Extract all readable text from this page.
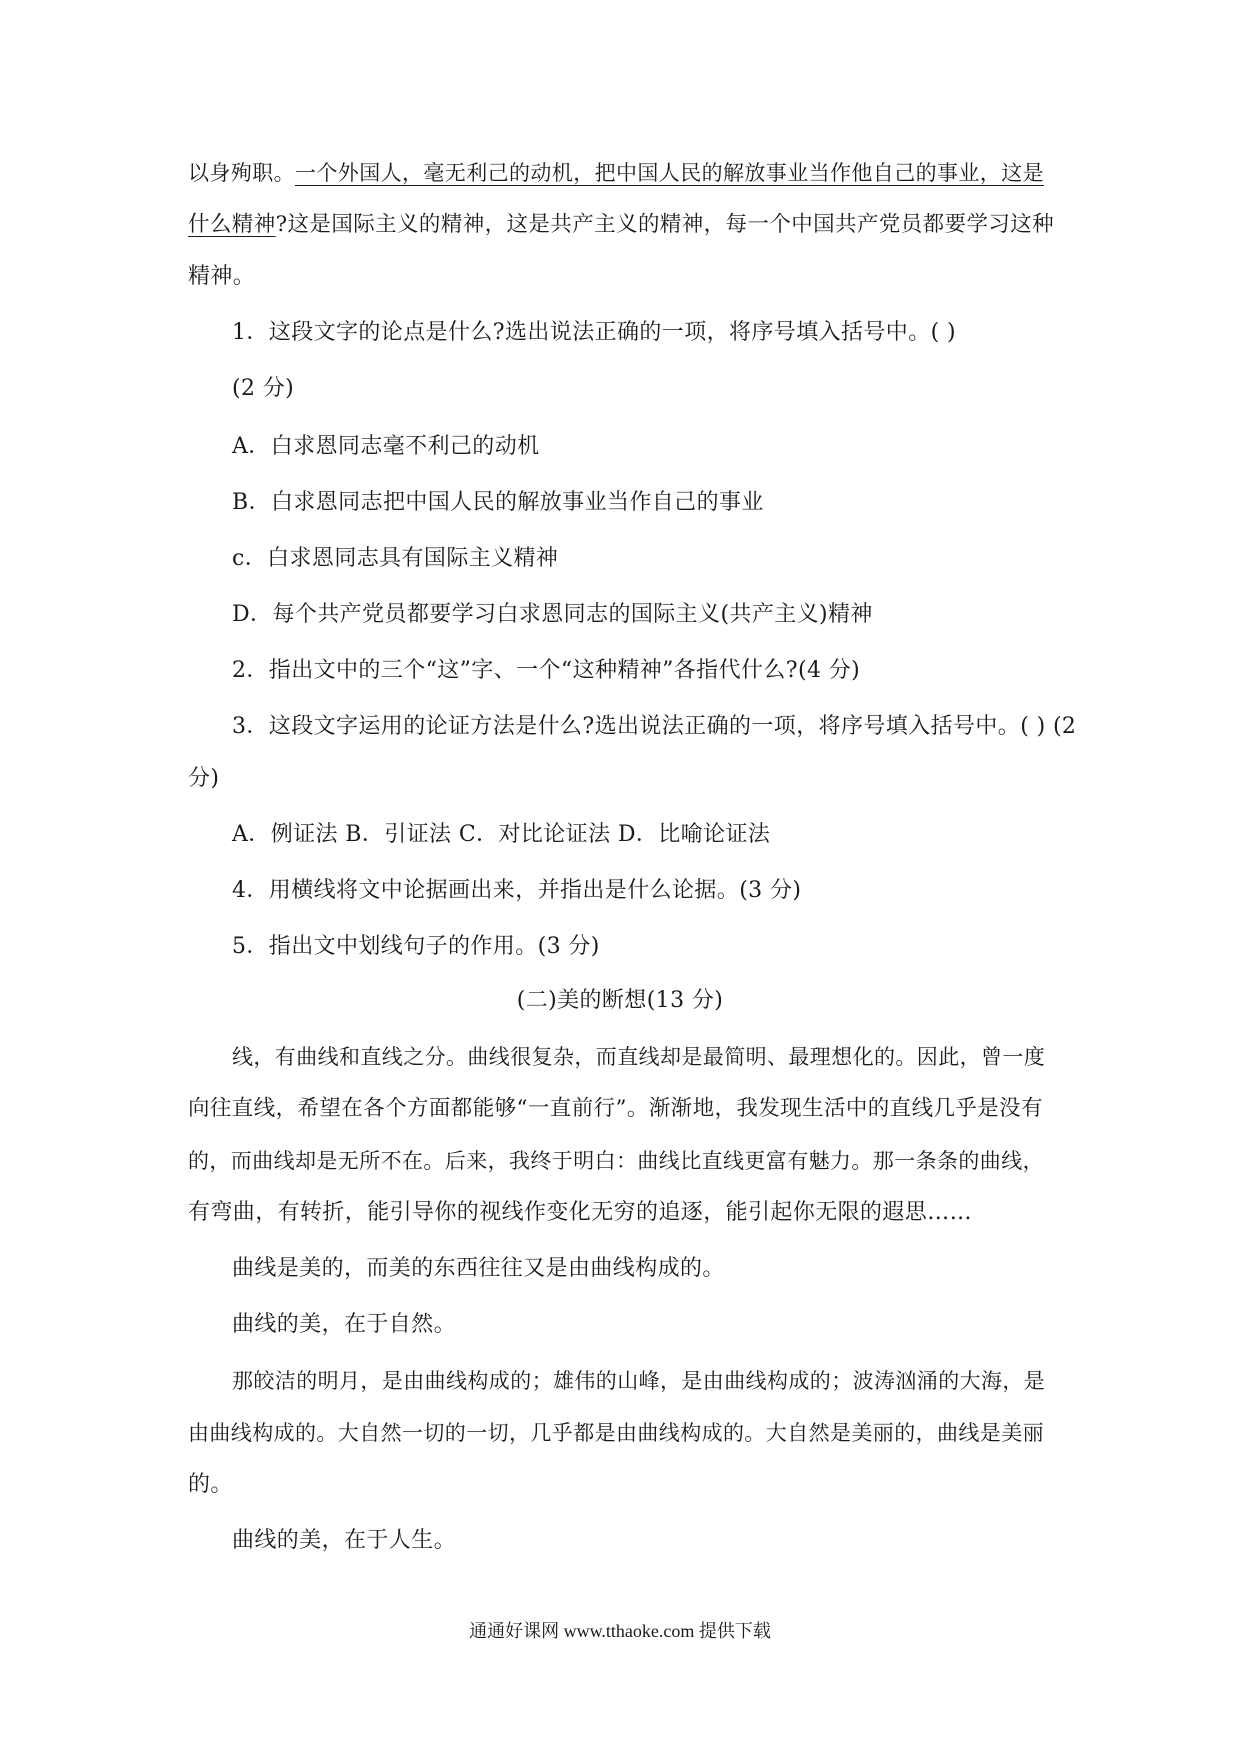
以身殉职。一个外国人，毫无利己的动机，把中国人民的解放事业当作他自己的事业，这是
什么精神?这是国际主义的精神，这是共产主义的精神，每一个中国共产党员都要学习这种
精神。
1．这段文字的论点是什么?选出说法正确的一项，将序号填入括号中。( )
(2 分)
A．白求恩同志毫不利己的动机
B．白求恩同志把中国人民的解放事业当作自己的事业
c．白求恩同志具有国际主义精神
D．每个共产党员都要学习白求恩同志的国际主义(共产主义)精神
2．指出文中的三个“这”字、一个“这种精神”各指代什么?(4 分)
3．这段文字运用的论证方法是什么?选出说法正确的一项，将序号填入括号中。( ) (2
分)
A．例证法 B．引证法 C．对比论证法 D．比喻论证法
4．用横线将文中论据画出来，并指出是什么论据。(3 分)
5．指出文中划线句子的作用。(3 分)
(二)美的断想(13 分)
线，有曲线和直线之分。曲线很复杂，而直线却是最简明、最理想化的。因此，曾一度
向往直线，希望在各个方面都能够“一直前行”。渐渐地，我发现生活中的直线几乎是没有
的，而曲线却是无所不在。后来，我终于明白：曲线比直线更富有魅力。那一条条的曲线，
有弯曲，有转折，能引导你的视线作变化无穷的追逐，能引起你无限的遐思……
曲线是美的，而美的东西往往又是由曲线构成的。
曲线的美，在于自然。
那皎洁的明月，是由曲线构成的；雄伟的山峰，是由曲线构成的；波涛汹涌的大海，是
由曲线构成的。大自然一切的一切，几乎都是由曲线构成的。大自然是美丽的，曲线是美丽
的。
曲线的美，在于人生。
通通好课网 www.tthaoke.com 提供下载
